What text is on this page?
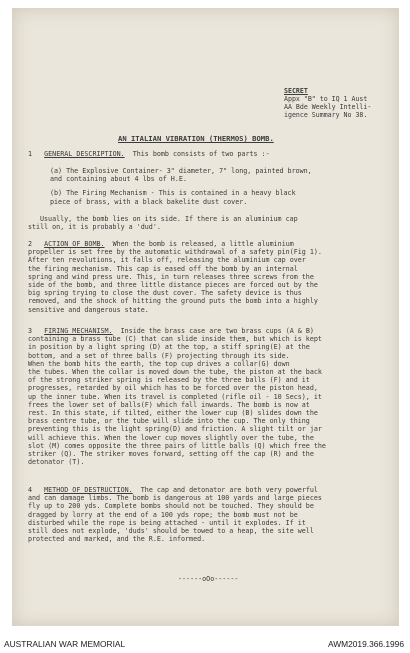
SECRET
Appx "B" to IQ 1 Aust
AA Bde Weekly Intelli-
igence Summary No 38.
AN ITALIAN VIBRATION (THERMOS) BOMB.
1 GENERAL DESCRIPTION. This bomb consists of two parts :-
(a) The Explosive Container- 3" diameter, 7" long, painted brown,
and containing about 4 lbs of H.E.
(b) The Firing Mechanism - This is contained in a heavy black
piece of brass, with a black bakelite dust cover.
Usually, the bomb lies on its side. If there is an aluminium cap
still on, it is probably a 'dud'.
2 ACTION OF BOMB. When the bomb is released, a little aluminium
propeller is set free by the automatic withdrawal of a safety pin(Fig 1).
After ten revolutions, it falls off, releasing the aluminium cap over
the firing mechanism. This cap is eased off the bomb by an internal
spring and wind press ure. This, in turn releases three screws from the
side of the bomb, and three little distance pieces are forced out by the
big spring trying to close the dust cover. The safety device is thus
removed, and the shock of hitting the ground puts the bomb into a highly
sensitive and dangerous state.
3 FIRING MECHANISM. Inside the brass case are two brass cups (A & B)
containing a brass tube (C) that can slide inside them, but which is kept
in position by a light spring (D) at the top, a stiff spring(E) at the
bottom, and a set of three balls (F) projecting through its side.
When the bomb hits the earth, the top cup drives a collar(G) down
the tubes. When the collar is moved down the tube, the piston at the back
of the strong striker spring is released by the three balls (F) and it
progresses, retarded by oil which has to be forced over the piston head,
up the inner tube. When its travel is completed (rifle oil - 10 Secs), it
frees the lower set of balls(F) which fall inwards. The bomb is now at
rest. In this state, if tilted, either the lower cup (B) slides down the
brass centre tube, or the tube will slide into the cup. The only thing
preventing this is the light spring(D) and friction. A slight tilt or jar
will achieve this. When the lower cup moves slightly over the tube, the
slot (M) comes opposite the three pairs of little balls (Q) which free the
striker (Q). The striker moves forward, setting off the cap (R) and the
detonator (T).
4 METHOD OF DESTRUCTION. The cap and detonator are both very powerful
and can damage limbs. The bomb is dangerous at 100 yards and large pieces
fly up to 200 yds. Complete bombs should not be touched. They should be
dragged by lorry at the end of a 100 yds rope; the bomb must not be
disturbed while the rope is being attached - until it explodes. If it
still does not explode, 'duds' should be towed to a heap, the site well
protected and marked, and the R.E. informed.
------oOo------
AUSTRALIAN WAR MEMORIAL	AWM2019.366.1996
